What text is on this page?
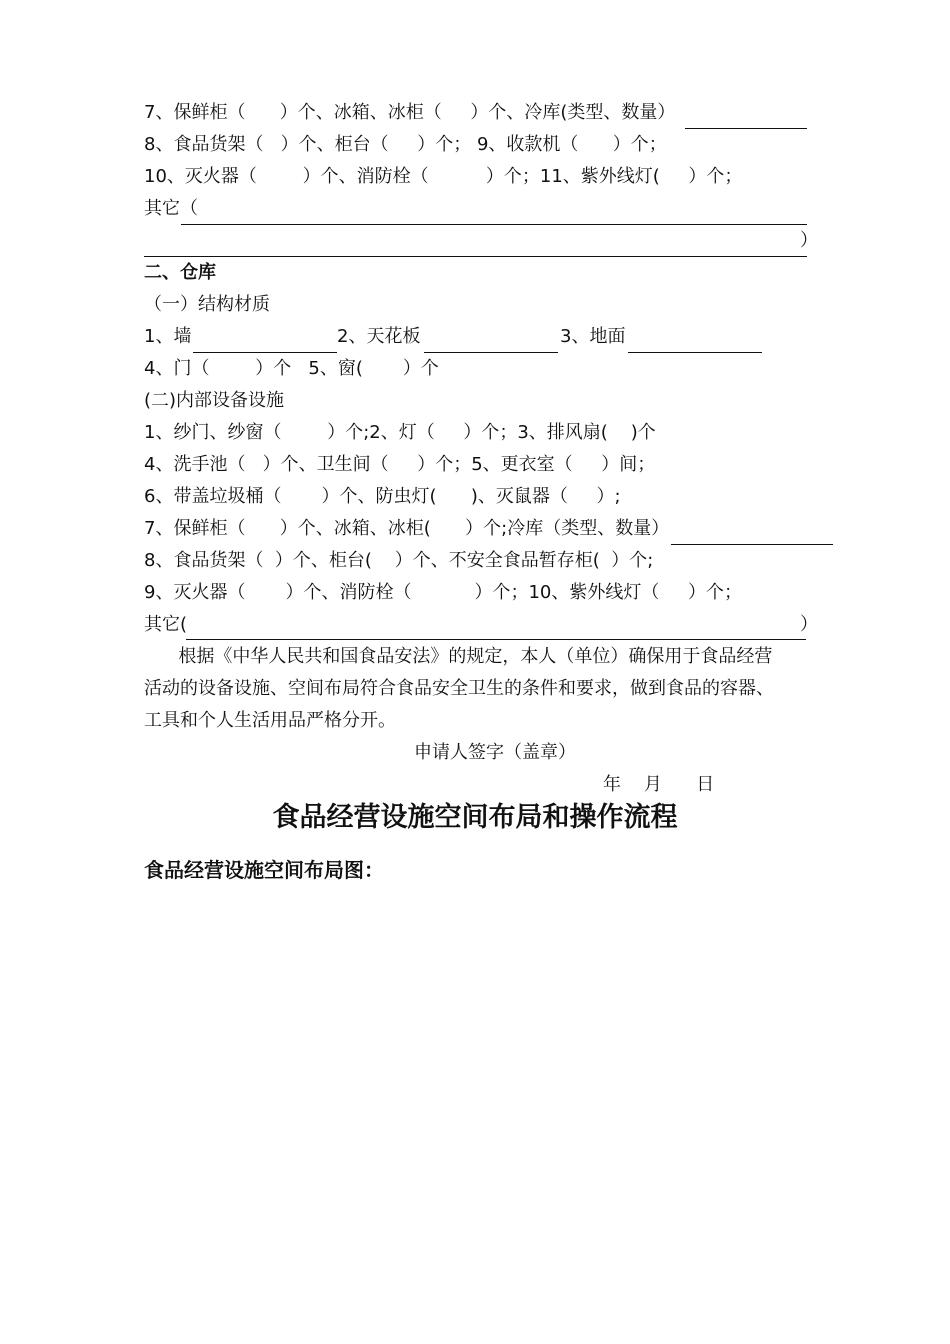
7、保鲜柜（      ）个、冰箱、冰柜（     ）个、冷库(类型、数量）
8、食品货架（   ）个、柜台（     ）个； 9、收款机（      ）个；
10、灭火器（        ）个、消防栓（          ）个；11、紫外线灯(     ）个；
其它（
）
二、仓库
（一）结构材质
1、墙	2、天花板	3、地面
4、门（        ）个   5、窗(       ）个
(二)内部设备设施
1、纱门、纱窗（        ）个;2、灯（     ）个；3、排风扇(    )个
4、洗手池（   ）个、卫生间（     ）个；5、更衣室（     ）间；
6、带盖垃圾桶（       ）个、防虫灯(      )、灭鼠器（     ）;
7、保鲜柜（      ）个、冰箱、冰柜(      ）个;冷库（类型、数量）
8、食品货架（  ）个、柜台(    ）个、不安全食品暂存柜(  ）个;
9、灭火器（       ）个、消防栓（           ）个；10、紫外线灯（     ）个；
其它(	）
根据《中华人民共和国食品安法》的规定，本人（单位）确保用于食品经营
活动的设备设施、空间布局符合食品安全卫生的条件和要求，做到食品的容器、
工具和个人生活用品严格分开。
申请人签字（盖章）
年    月      日
食品经营设施空间布局和操作流程
食品经营设施空间布局图：
